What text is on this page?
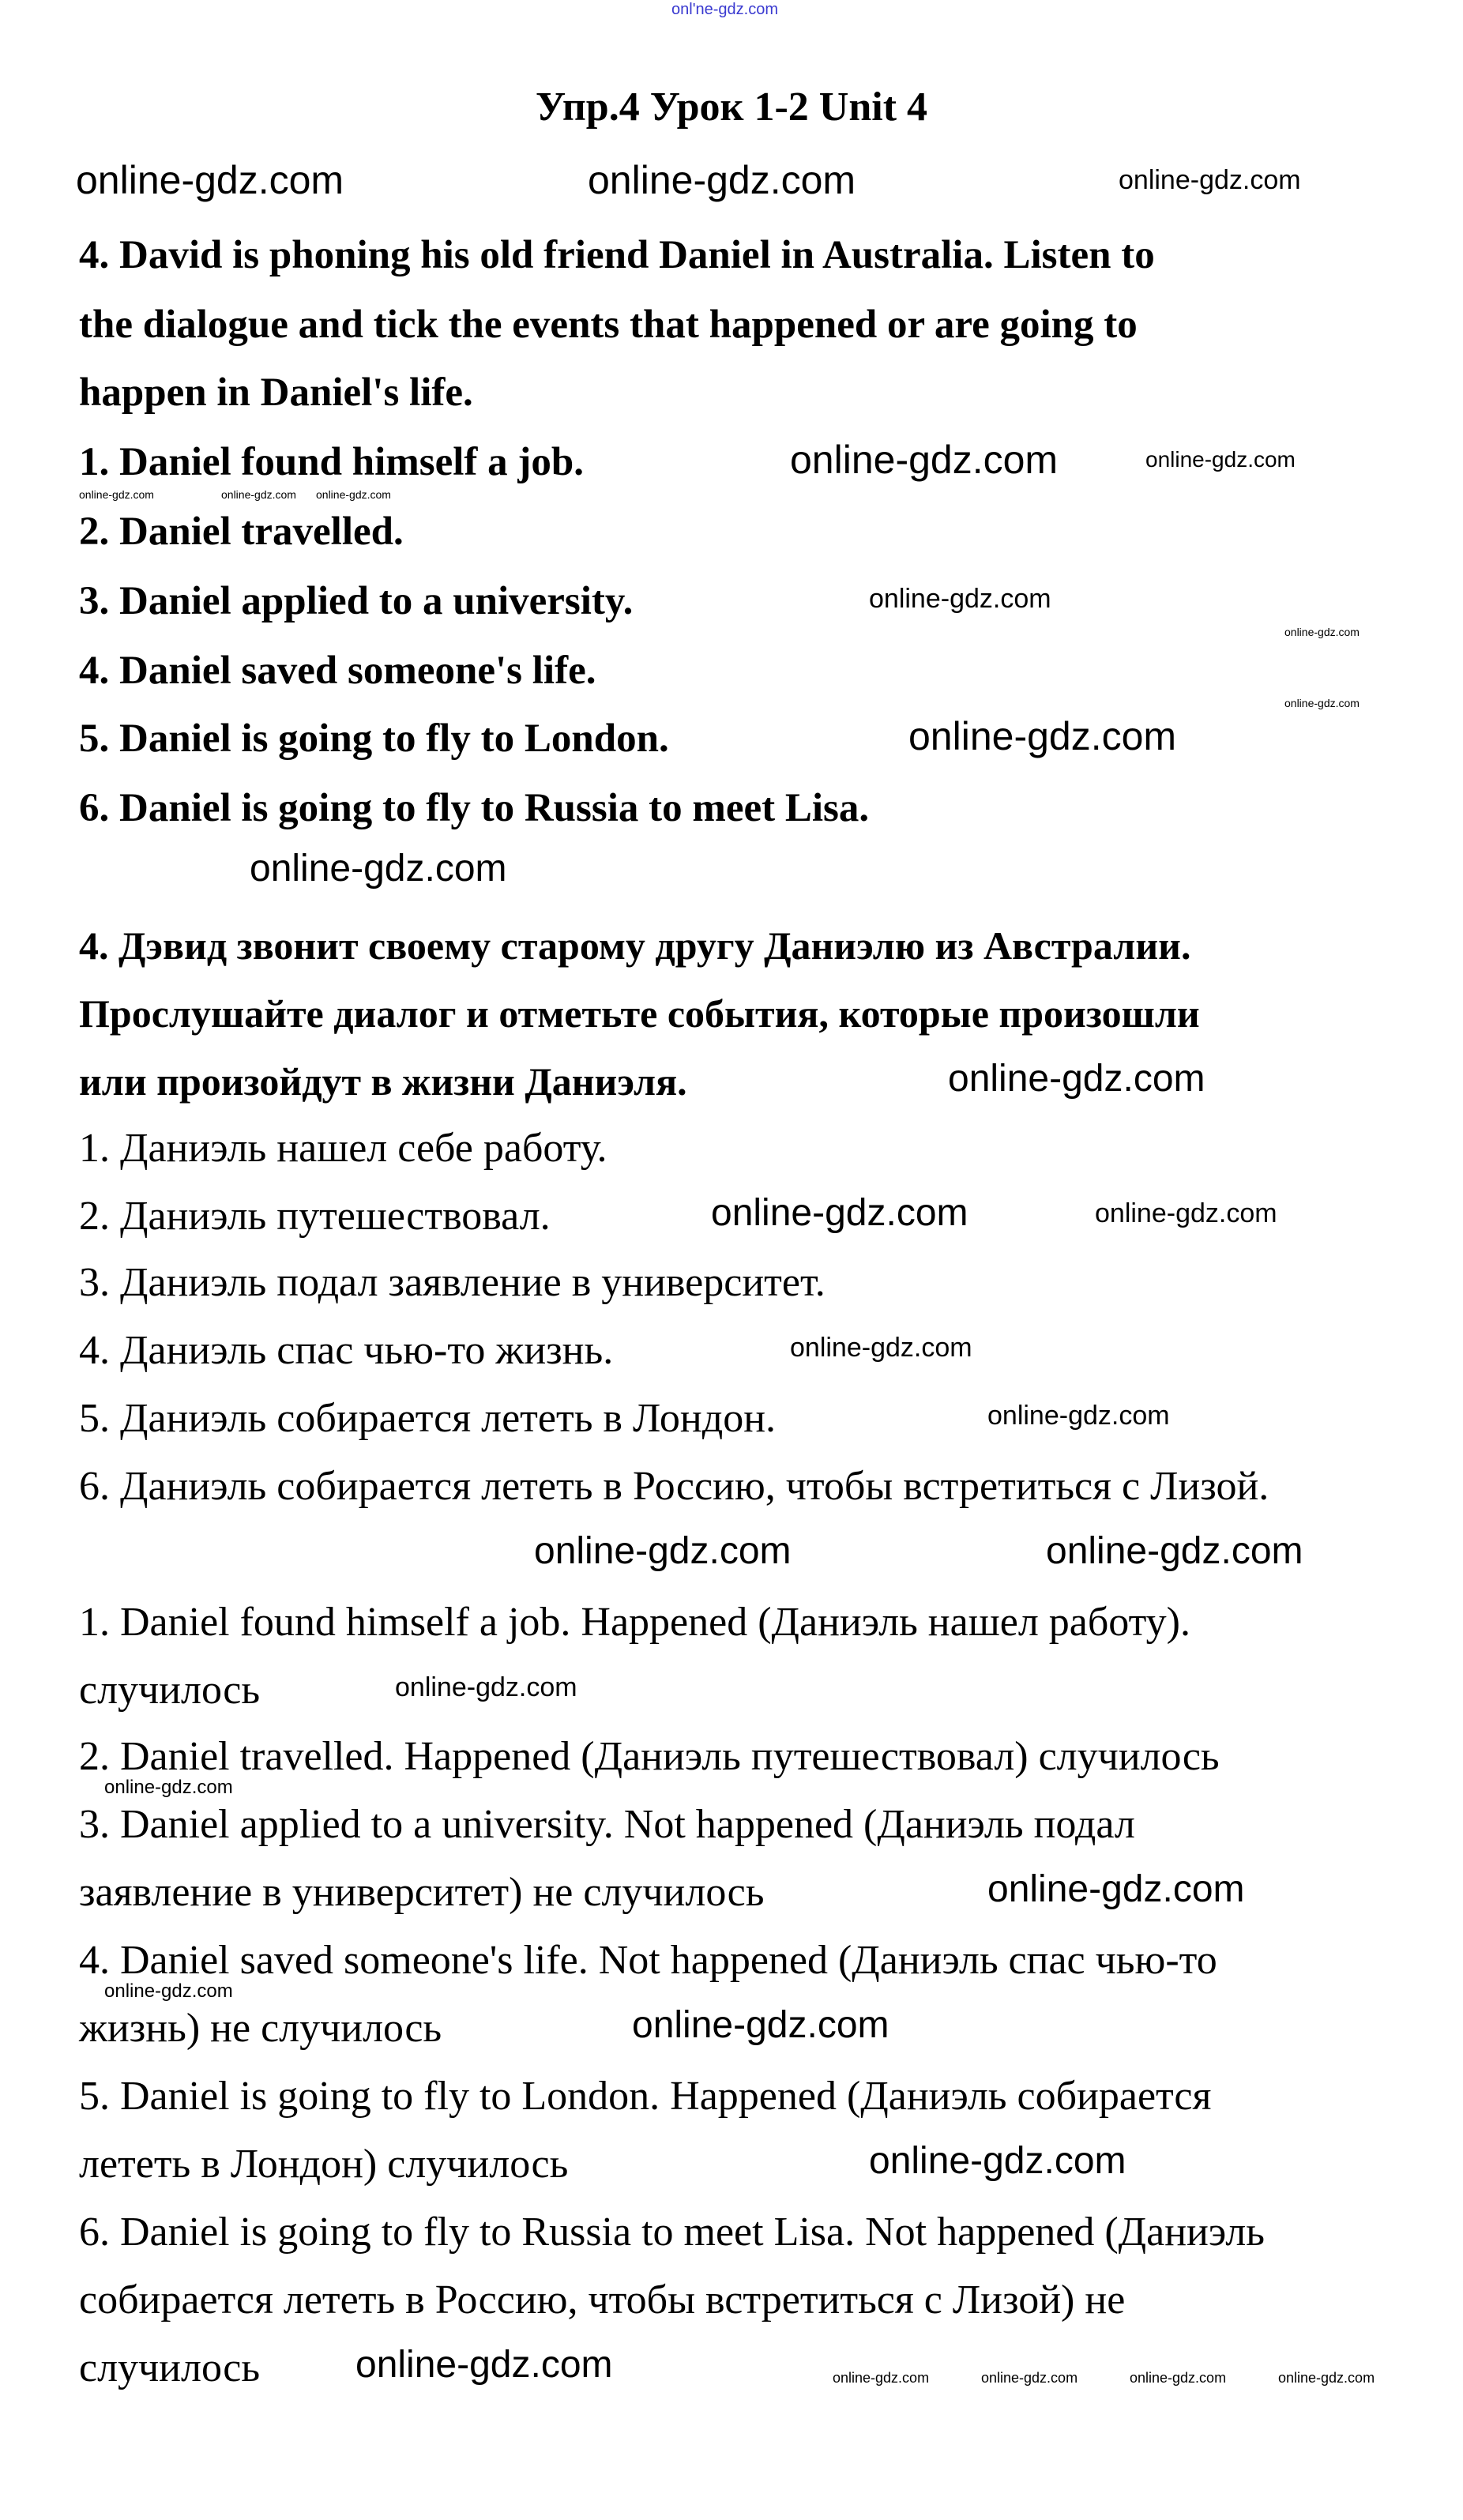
onl'ne-gdz.com
Упр.4 Урок 1-2 Unit 4
4. David is phoning his old friend Daniel in Australia. Listen to
the dialogue and tick the events that happened or are going to
happen in Daniel's life.
1. Daniel found himself a job.
2. Daniel travelled.
3. Daniel applied to a university.
4. Daniel saved someone's life.
5. Daniel is going to fly to London.
6. Daniel is going to fly to Russia to meet Lisa.
4. Дэвид звонит своему старому другу Даниэлю из Австралии.
Прослушайте диалог и отметьте события, которые произошли
или произойдут в жизни Даниэля.
1. Даниэль нашел себе работу.
2. Даниэль путешествовал.
3. Даниэль подал заявление в университет.
4. Даниэль спас чью-то жизнь.
5. Даниэль собирается лететь в Лондон.
6. Даниэль собирается лететь в Россию, чтобы встретиться с Лизой.
1. Daniel found himself a job. Happened (Даниэль нашел работу).
случилось
2. Daniel travelled. Happened (Даниэль путешествовал) случилось
3. Daniel applied to a university. Not happened (Даниэль подал
заявление в университет) не случилось
4. Daniel saved someone's life. Not happened (Даниэль спас чью-то
жизнь) не случилось
5. Daniel is going to fly to London. Happened (Даниэль собирается
лететь в Лондон) случилось
6. Daniel is going to fly to Russia to meet Lisa. Not happened (Даниэль
собирается лететь в Россию, чтобы встретиться с Лизой) не
случилось
online-gdz.com	online-gdz.com	online-gdz.com
online-gdz.com	online-gdz.com online-gdz.com
online-gdz.com	online-gdz.com
online-gdz.com
online-gdz.com
online-gdz.com
online-gdz.com
online-gdz.com
online-gdz.com
online-gdz.com	online-gdz.com
online-gdz.com
online-gdz.com
online-gdz.com	online-gdz.com
online-gdz.com
online-gdz.com
online-gdz.com
online-gdz.com
online-gdz.com
online-gdz.com
online-gdz.com	online-gdz.com	online-gdz.com	online-gdz.com	online-gdz.com
